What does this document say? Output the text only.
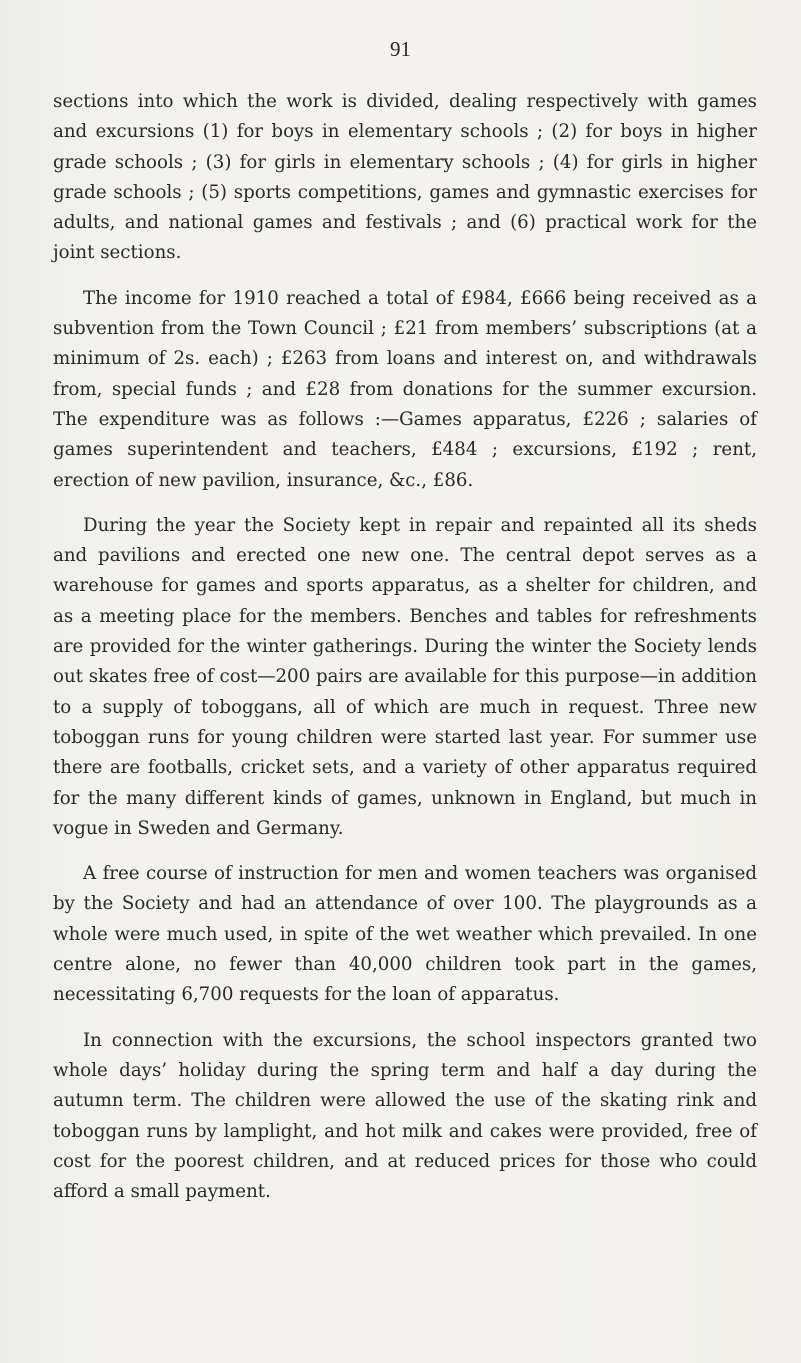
91

sections into which the work is divided, dealing respectively with games and excursions (1) for boys in elementary schools ; (2) for boys in higher grade schools ; (3) for girls in elementary schools ; (4) for girls in higher grade schools ; (5) sports competitions, games and gymnastic exercises for adults, and national games and festivals ; and (6) practical work for the joint sections.

The income for 1910 reached a total of £984, £666 being received as a subvention from the Town Council ; £21 from members’ subscriptions (at a minimum of 2s. each) ; £263 from loans and interest on, and withdrawals from, special funds ; and £28 from donations for the summer excursion. The expenditure was as follows :—Games apparatus, £226 ; salaries of games superintendent and teachers, £484 ; excursions, £192 ; rent, erection of new pavilion, insurance, &c., £86.

During the year the Society kept in repair and repainted all its sheds and pavilions and erected one new one. The central depot serves as a warehouse for games and sports apparatus, as a shelter for children, and as a meeting place for the members. Benches and tables for refreshments are provided for the winter gatherings. During the winter the Society lends out skates free of cost—200 pairs are available for this purpose—in addition to a supply of toboggans, all of which are much in request. Three new toboggan runs for young children were started last year. For summer use there are footballs, cricket sets, and a variety of other apparatus required for the many different kinds of games, unknown in England, but much in vogue in Sweden and Germany.

A free course of instruction for men and women teachers was organised by the Society and had an attendance of over 100. The playgrounds as a whole were much used, in spite of the wet weather which prevailed. In one centre alone, no fewer than 40,000 children took part in the games, necessitating 6,700 requests for the loan of apparatus.

In connection with the excursions, the school inspectors granted two whole days’ holiday during the spring term and half a day during the autumn term. The children were allowed the use of the skating rink and toboggan runs by lamplight, and hot milk and cakes were provided, free of cost for the poorest children, and at reduced prices for those who could afford a small payment.
